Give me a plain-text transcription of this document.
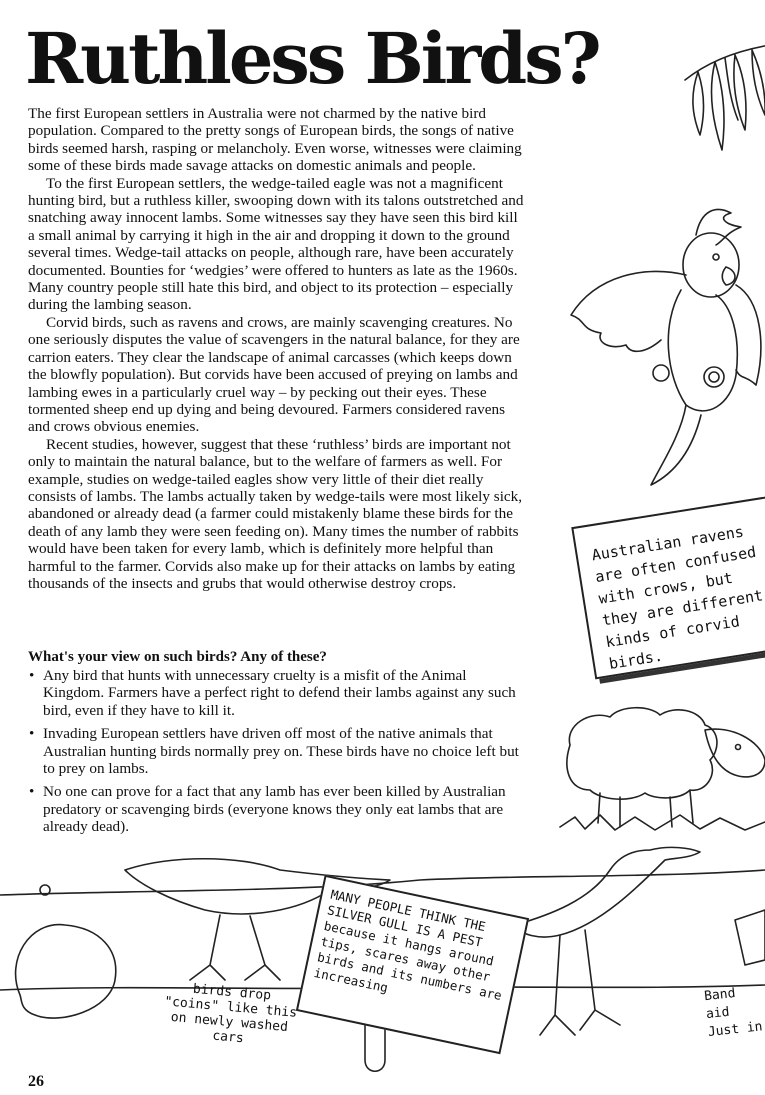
Ruthless Birds?

The first European settlers in Australia were not charmed by the native bird population. Compared to the pretty songs of European birds, the songs of native birds seemed harsh, rasping or melancholy. Even worse, witnesses were claiming some of these birds made savage attacks on domestic animals and people.

To the first European settlers, the wedge-tailed eagle was not a magnificent hunting bird, but a ruthless killer, swooping down with its talons outstretched and snatching away innocent lambs. Some witnesses say they have seen this bird kill a small animal by carrying it high in the air and dropping it down to the ground several times. Wedge-tail attacks on people, although rare, have been accurately documented. Bounties for ‘wedgies’ were offered to hunters as late as the 1960s. Many country people still hate this bird, and object to its protection – especially during the lambing season.

Corvid birds, such as ravens and crows, are mainly scavenging creatures. No one seriously disputes the value of scavengers in the natural balance, for they are carrion eaters. They clear the landscape of animal carcasses (which keeps down the blowfly population). But corvids have been accused of preying on lambs and lambing ewes in a particularly cruel way – by pecking out their eyes. These tormented sheep end up dying and being devoured. Farmers considered ravens and crows obvious enemies.

Recent studies, however, suggest that these ‘ruthless’ birds are important not only to maintain the natural balance, but to the welfare of farmers as well. For example, studies on wedge-tailed eagles show very little of their diet really consists of lambs. The lambs actually taken by wedge-tails were most likely sick, abandoned or already dead (a farmer could mistakenly blame these birds for the death of any lamb they were seen feeding on). Many times the number of rabbits would have been taken for every lamb, which is definitely more helpful than harmful to the farmer. Corvids also make up for their attacks on lambs by eating thousands of the insects and grubs that would otherwise destroy crops.

What's your view on such birds? Any of these?

• Any bird that hunts with unnecessary cruelty is a misfit of the Animal Kingdom. Farmers have a perfect right to defend their lambs against any such bird, even if they have to kill it.
• Invading European settlers have driven off most of the native animals that Australian hunting birds normally prey on. These birds have no choice left but to prey on lambs.
• No one can prove for a fact that any lamb has ever been killed by Australian predatory or scavenging birds (everyone knows they only eat lambs that are already dead).
Australian ravens are often confused with crows, but they are different kinds of corvid birds.
MANY PEOPLE THINK THE SILVER GULL IS A PEST because it hangs around tips, scares away other birds and its numbers are increasing
birds drop "coins" like this on newly washed cars
Band aid Just in
26
